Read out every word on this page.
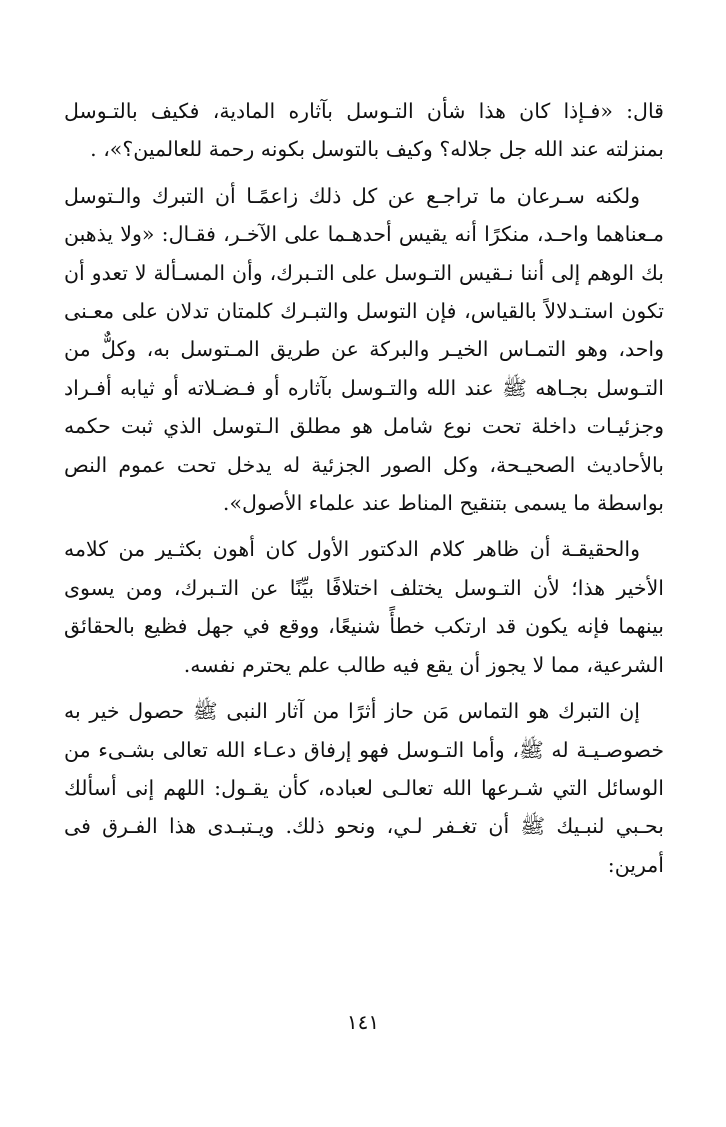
قال: «فـإذا كان هذا شأن التـوسل بآثاره المادية، فكيف بالتـوسل بمنزلته عند الله جل جلاله؟ وكيف بالتوسل بكونه رحمة للعالمين؟»، .

ولكنه سـرعان ما تراجـع عن كل ذلك زاعمًـا أن التبرك والـتوسل مـعناهما واحـد، منكرًا أنه يقيس أحدهـما على الآخـر، فقـال: «ولا يذهبن بك الوهم إلى أننا نـقيس التـوسل على التـبرك، وأن المسـألة لا تعدو أن تكون استـدلالاً بالقياس، فإن التوسل والتبـرك كلمتان تدلان على معـنى واحد، وهو التمـاس الخيـر والبركة عن طريق المـتوسل به، وكلٌّ من التـوسل بجـاهه ﷺ عند الله والتـوسل بآثاره أو فـضـلاته أو ثيابه أفـراد وجزئيـات داخلة تحت نوع شامل هو مطلق الـتوسل الذي ثبت حكمه بالأحاديث الصحيـحة، وكل الصور الجزئية له يدخل تحت عموم النص بواسطة ما يسمى بتنقيح المناط عند علماء الأصول».

والحقيقـة أن ظاهر كلام الدكتور الأول كان أهون بكثـير من كلامه الأخير هذا؛ لأن التـوسل يختلف اختلافًا بيِّنًا عن التـبرك، ومن يسوى بينهما فإنه يكون قد ارتكب خطأً شنيعًا، ووقع في جهل فظيع بالحقائق الشرعية، مما لا يجوز أن يقع فيه طالب علم يحترم نفسه.

إن التبرك هو التماس مَن حاز أثرًا من آثار النبى ﷺ حصول خير به خصوصـيـة له ﷺ، وأما التـوسل فهو إرفاق دعـاء الله تعالى بشـىء من الوسائل التي شـرعها الله تعالـى لعباده، كأن يقـول: اللهم إنى أسألك بحـبي لنبـيك ﷺ أن تغـفر لـي، ونحو ذلك. ويـتبـدى هذا الفـرق فى أمرين:

١٤١
